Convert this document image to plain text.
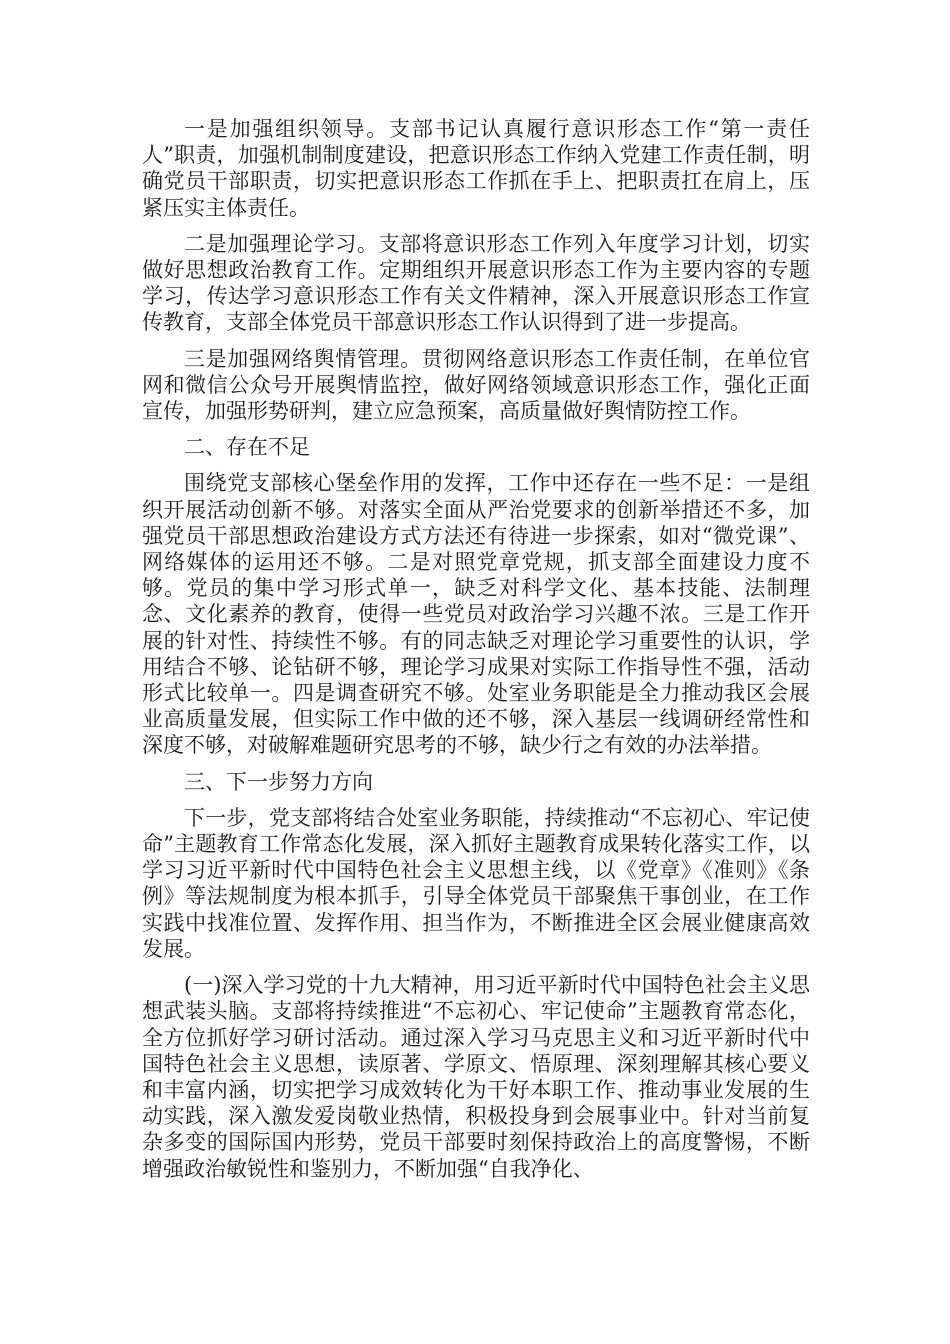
一是加强组织领导。支部书记认真履行意识形态工作“第一责任人”职责，加强机制制度建设，把意识形态工作纳入党建工作责任制，明确党员干部职责，切实把意识形态工作抓在手上、把职责扛在肩上，压紧压实主体责任。

二是加强理论学习。支部将意识形态工作列入年度学习计划，切实做好思想政治教育工作。定期组织开展意识形态工作为主要内容的专题学习，传达学习意识形态工作有关文件精神，深入开展意识形态工作宣传教育，支部全体党员干部意识形态工作认识得到了进一步提高。

三是加强网络舆情管理。贯彻网络意识形态工作责任制，在单位官网和微信公众号开展舆情监控，做好网络领域意识形态工作，强化正面宣传，加强形势研判，建立应急预案，高质量做好舆情防控工作。

二、存在不足

围绕党支部核心堡垒作用的发挥，工作中还存在一些不足：一是组织开展活动创新不够。对落实全面从严治党要求的创新举措还不多，加强党员干部思想政治建设方式方法还有待进一步探索，如对“微党课”、网络媒体的运用还不够。二是对照党章党规，抓支部全面建设力度不够。党员的集中学习形式单一，缺乏对科学文化、基本技能、法制理念、文化素养的教育，使得一些党员对政治学习兴趣不浓。三是工作开展的针对性、持续性不够。有的同志缺乏对理论学习重要性的认识，学用结合不够、论钻研不够，理论学习成果对实际工作指导性不强，活动形式比较单一。四是调查研究不够。处室业务职能是全力推动我区会展业高质量发展，但实际工作中做的还不够，深入基层一线调研经常性和深度不够，对破解难题研究思考的不够，缺少行之有效的办法举措。

三、下一步努力方向

下一步，党支部将结合处室业务职能，持续推动“不忘初心、牢记使命”主题教育工作常态化发展，深入抓好主题教育成果转化落实工作，以学习习近平新时代中国特色社会主义思想主线，以《党章》《准则》《条例》等法规制度为根本抓手，引导全体党员干部聚焦干事创业，在工作实践中找准位置、发挥作用、担当作为，不断推进全区会展业健康高效发展。

(一)深入学习党的十九大精神，用习近平新时代中国特色社会主义思想武装头脑。支部将持续推进“不忘初心、牢记使命”主题教育常态化，全方位抓好学习研讨活动。通过深入学习马克思主义和习近平新时代中国特色社会主义思想，读原著、学原文、悟原理、深刻理解其核心要义和丰富内涵，切实把学习成效转化为干好本职工作、推动事业发展的生动实践，深入激发爱岗敬业热情，积极投身到会展事业中。针对当前复杂多变的国际国内形势，党员干部要时刻保持政治上的高度警惕，不断增强政治敏锐性和鉴别力，不断加强“自我净化、
